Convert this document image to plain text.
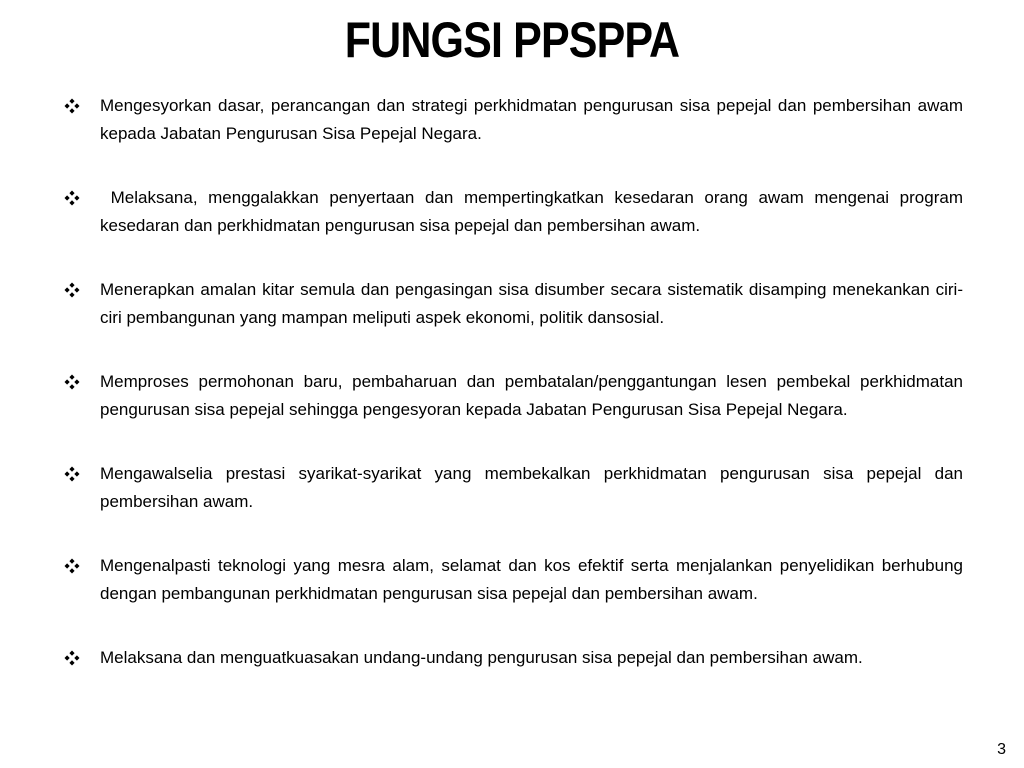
FUNGSI PPSPPA
Mengesyorkan dasar, perancangan dan strategi perkhidmatan pengurusan sisa pepejal dan pembersihan awam kepada Jabatan Pengurusan Sisa Pepejal Negara.
Melaksana, menggalakkan penyertaan dan mempertingkatkan kesedaran orang awam mengenai program kesedaran dan perkhidmatan pengurusan sisa pepejal dan pembersihan awam.
Menerapkan amalan kitar semula dan pengasingan sisa disumber secara sistematik disamping menekankan ciri-ciri pembangunan yang mampan meliputi aspek ekonomi, politik dansosial.
Memproses permohonan baru, pembaharuan dan pembatalan/penggantungan lesen pembekal perkhidmatan pengurusan sisa pepejal sehingga pengesyoran kepada Jabatan Pengurusan Sisa Pepejal Negara.
Mengawalselia prestasi syarikat-syarikat yang membekalkan perkhidmatan pengurusan sisa pepejal dan pembersihan awam.
Mengenalpasti teknologi yang mesra alam, selamat dan kos efektif serta menjalankan penyelidikan berhubung dengan pembangunan perkhidmatan pengurusan sisa pepejal dan pembersihan awam.
Melaksana dan menguatkuasakan undang-undang pengurusan sisa pepejal dan pembersihan awam.
3
